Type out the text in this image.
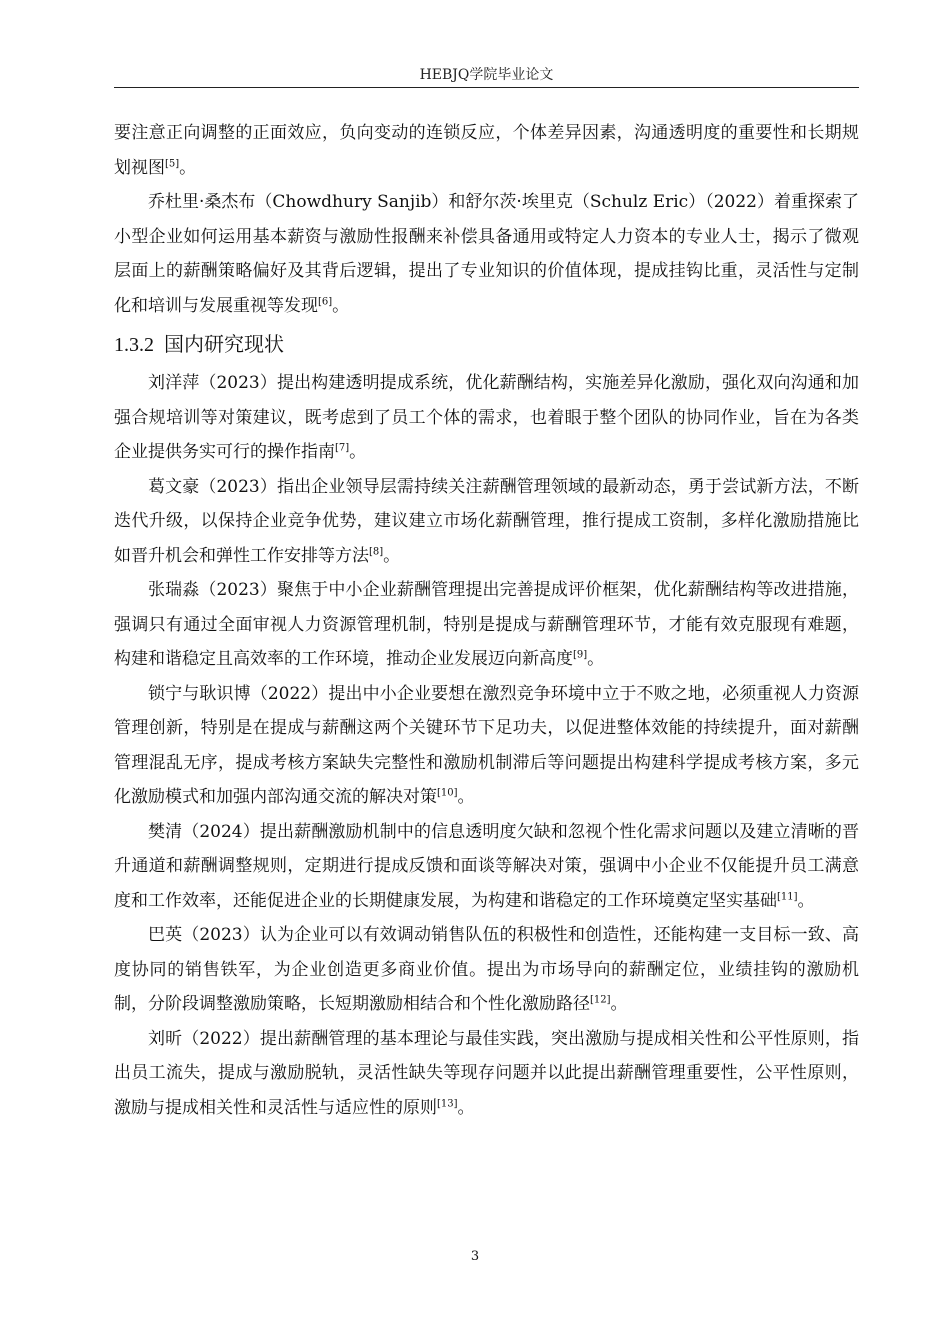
HEBJQ学院毕业论文

要注意正向调整的正面效应，负向变动的连锁反应，个体差异因素，沟通透明度的重要性和长期规划视图[5]。

乔杜里·桑杰布（Chowdhury Sanjib）和舒尔茨·埃里克（Schulz Eric）（2022）着重探索了小型企业如何运用基本薪资与激励性报酬来补偿具备通用或特定人力资本的专业人士，揭示了微观层面上的薪酬策略偏好及其背后逻辑，提出了专业知识的价值体现，提成挂钩比重，灵活性与定制化和培训与发展重视等发现[6]。

1.3.2 国内研究现状

刘洋萍（2023）提出构建透明提成系统，优化薪酬结构，实施差异化激励，强化双向沟通和加强合规培训等对策建议，既考虑到了员工个体的需求，也着眼于整个团队的协同作业，旨在为各类企业提供务实可行的操作指南[7]。

葛文豪（2023）指出企业领导层需持续关注薪酬管理领域的最新动态，勇于尝试新方法，不断迭代升级，以保持企业竞争优势，建议建立市场化薪酬管理，推行提成工资制，多样化激励措施比如晋升机会和弹性工作安排等方法[8]。

张瑞淼（2023）聚焦于中小企业薪酬管理提出完善提成评价框架，优化薪酬结构等改进措施，强调只有通过全面审视人力资源管理机制，特别是提成与薪酬管理环节，才能有效克服现有难题，构建和谐稳定且高效率的工作环境，推动企业发展迈向新高度[9]。

锁宁与耿识博（2022）提出中小企业要想在激烈竞争环境中立于不败之地，必须重视人力资源管理创新，特别是在提成与薪酬这两个关键环节下足功夫，以促进整体效能的持续提升，面对薪酬管理混乱无序，提成考核方案缺失完整性和激励机制滞后等问题提出构建科学提成考核方案，多元化激励模式和加强内部沟通交流的解决对策[10]。

樊清（2024）提出薪酬激励机制中的信息透明度欠缺和忽视个性化需求问题以及建立清晰的晋升通道和薪酬调整规则，定期进行提成反馈和面谈等解决对策，强调中小企业不仅能提升员工满意度和工作效率，还能促进企业的长期健康发展，为构建和谐稳定的工作环境奠定坚实基础[11]。

巴英（2023）认为企业可以有效调动销售队伍的积极性和创造性，还能构建一支目标一致、高度协同的销售铁军，为企业创造更多商业价值。提出为市场导向的薪酬定位，业绩挂钩的激励机制，分阶段调整激励策略，长短期激励相结合和个性化激励路径[12]。

刘昕（2022）提出薪酬管理的基本理论与最佳实践，突出激励与提成相关性和公平性原则，指出员工流失，提成与激励脱轨，灵活性缺失等现存问题并以此提出薪酬管理重要性，公平性原则，激励与提成相关性和灵活性与适应性的原则[13]。

3
